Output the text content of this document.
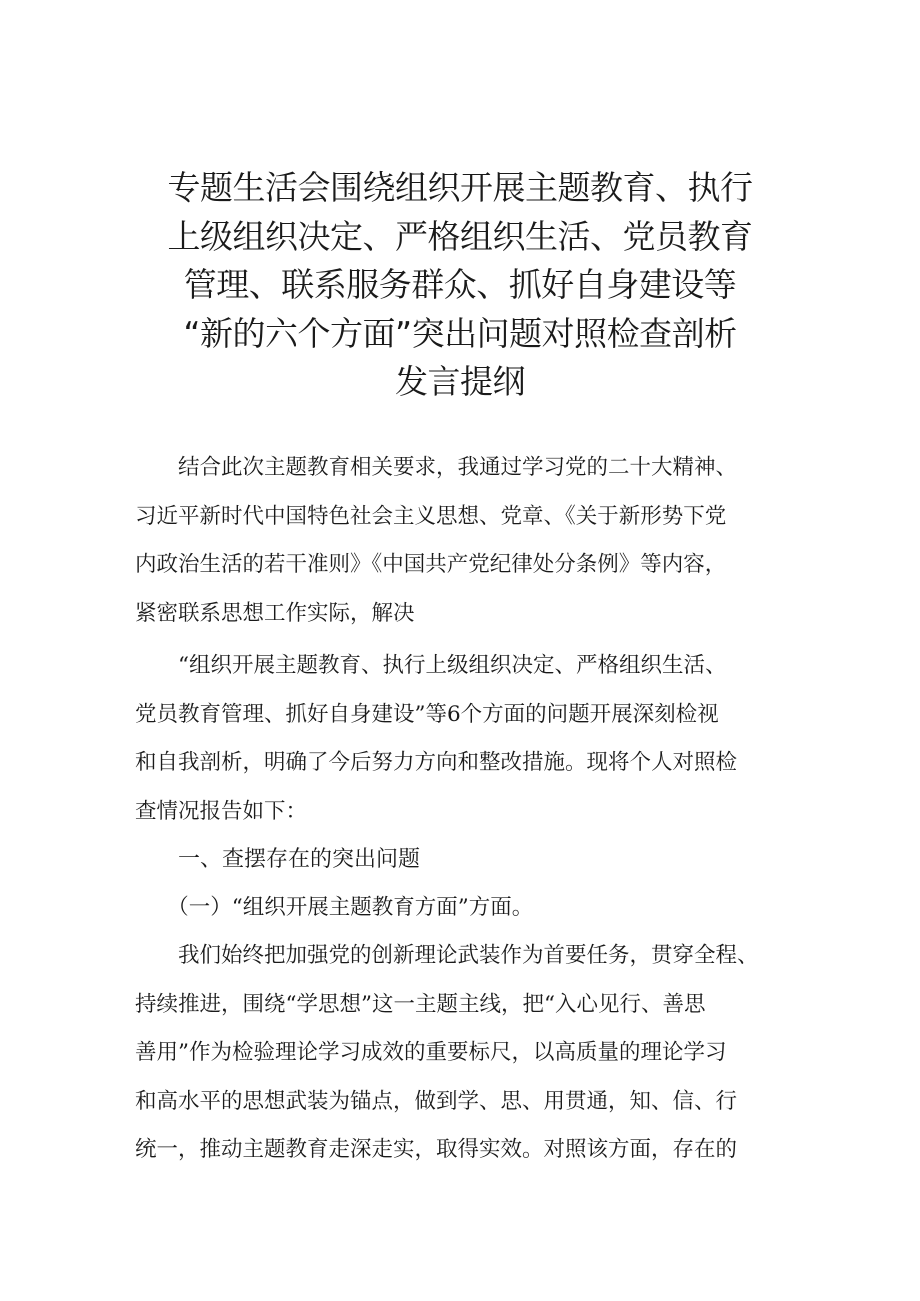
专题生活会围绕组织开展主题教育、执行
上级组织决定、严格组织生活、党员教育
管理、联系服务群众、抓好自身建设等
“新的六个方面”突出问题对照检查剖析
发言提纲

　　结合此次主题教育相关要求，我通过学习党的二十大精神、
习近平新时代中国特色社会主义思想、党章、《关于新形势下党
内政治生活的若干准则》《中国共产党纪律处分条例》等内容，
紧密联系思想工作实际，解决

　　“组织开展主题教育、执行上级组织决定、严格组织生活、
党员教育管理、抓好自身建设”等6个方面的问题开展深刻检视
和自我剖析，明确了今后努力方向和整改措施。现将个人对照检
查情况报告如下：

一、查摆存在的突出问题

　　（一）“组织开展主题教育方面”方面。

　　我们始终把加强党的创新理论武装作为首要任务，贯穿全程、
持续推进，围绕“学思想”这一主题主线，把“入心见行、善思
善用”作为检验理论学习成效的重要标尺，以高质量的理论学习
和高水平的思想武装为锚点，做到学、思、用贯通，知、信、行
统一，推动主题教育走深走实，取得实效。对照该方面，存在的
